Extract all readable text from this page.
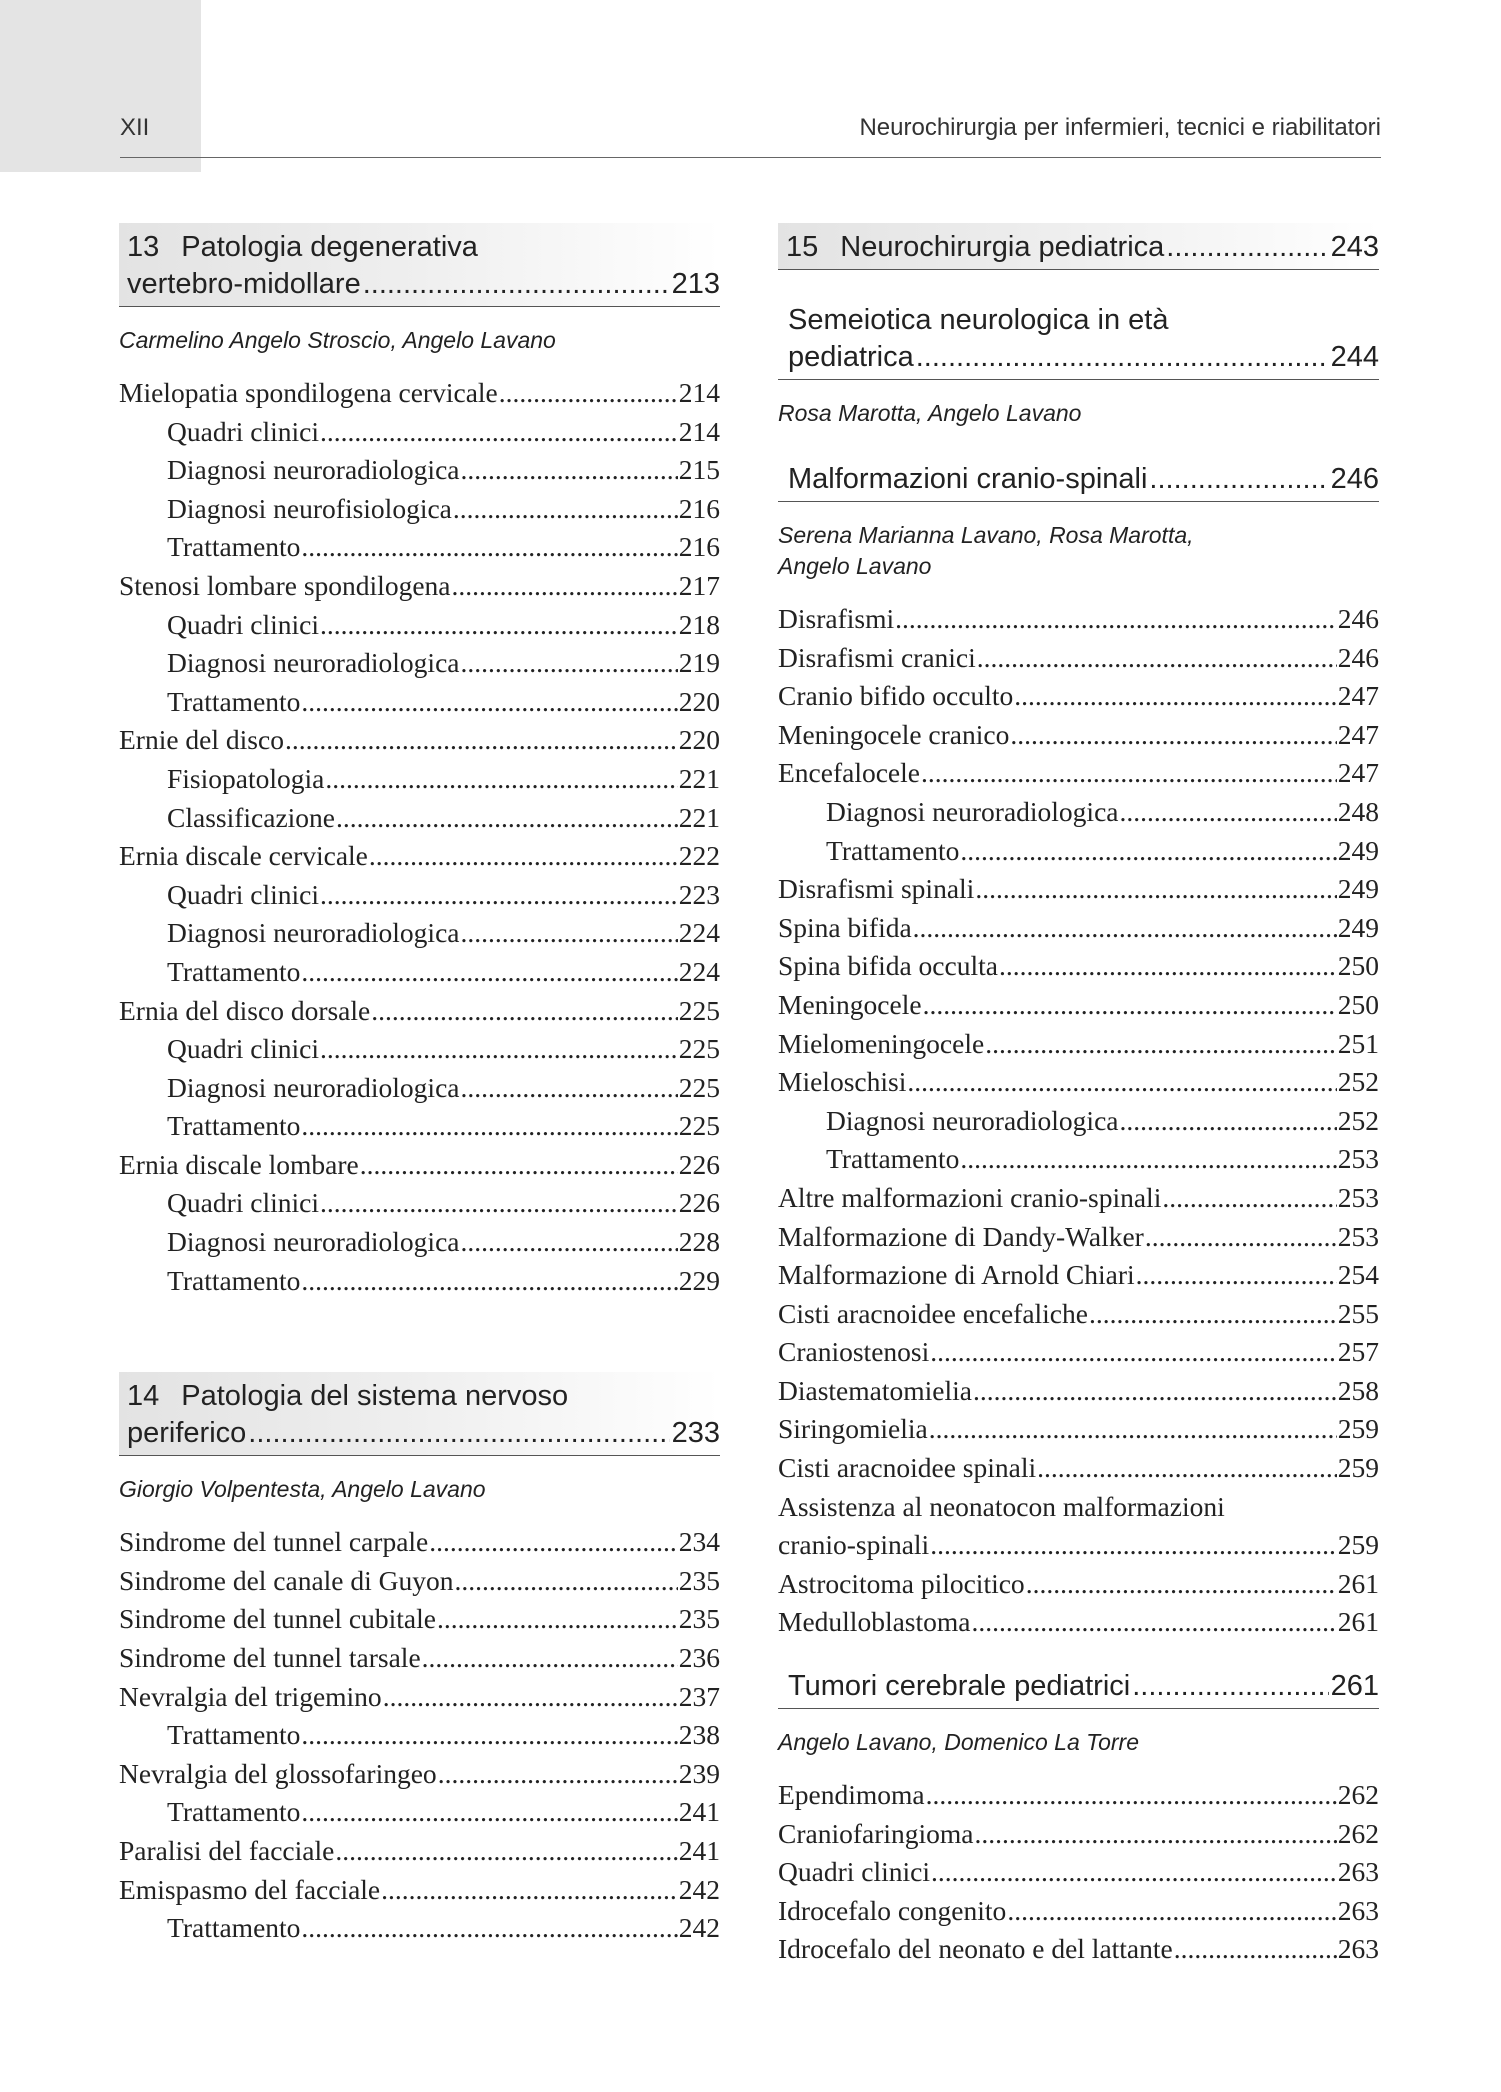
XII	Neurochirurgia per infermieri, tecnici e riabilitatori
13 Patologia degenerativa
vertebro-midollare .....	213
Carmelino Angelo Stroscio, Angelo Lavano
Mielopatia spondilogena cervicale .....	214
Quadri clinici .....	214
Diagnosi neuroradiologica .....	215
Diagnosi neurofisiologica .....	216
Trattamento .....	216
Stenosi lombare spondilogena .....	217
Quadri clinici .....	218
Diagnosi neuroradiologica .....	219
Trattamento .....	220
Ernie del disco .....	220
Fisiopatologia .....	221
Classificazione .....	221
Ernia discale cervicale .....	222
Quadri clinici .....	223
Diagnosi neuroradiologica .....	224
Trattamento .....	224
Ernia del disco dorsale .....	225
Quadri clinici .....	225
Diagnosi neuroradiologica .....	225
Trattamento .....	225
Ernia discale lombare .....	226
Quadri clinici .....	226
Diagnosi neuroradiologica .....	228
Trattamento .....	229
14 Patologia del sistema nervoso
periferico .....	233
Giorgio Volpentesta, Angelo Lavano
Sindrome del tunnel carpale .....	234
Sindrome del canale di Guyon .....	235
Sindrome del tunnel cubitale .....	235
Sindrome del tunnel tarsale .....	236
Nevralgia del trigemino .....	237
Trattamento .....	238
Nevralgia del glossofaringeo .....	239
Trattamento .....	241
Paralisi del facciale .....	241
Emispasmo del facciale .....	242
Trattamento .....	242
15 Neurochirurgia pediatrica .....	243
Semeiotica neurologica in età
pediatrica .....	244
Rosa Marotta, Angelo Lavano
Malformazioni cranio-spinali .....	246
Serena Marianna Lavano, Rosa Marotta,
Angelo Lavano
Disrafismi .....	246
Disrafismi cranici .....	246
Cranio bifido occulto .....	247
Meningocele cranico .....	247
Encefalocele .....	247
Diagnosi neuroradiologica .....	248
Trattamento .....	249
Disrafismi spinali .....	249
Spina bifida .....	249
Spina bifida occulta .....	250
Meningocele .....	250
Mielomeningocele .....	251
Mieloschisi .....	252
Diagnosi neuroradiologica .....	252
Trattamento .....	253
Altre malformazioni cranio-spinali .....	253
Malformazione di Dandy-Walker .....	253
Malformazione di Arnold Chiari .....	254
Cisti aracnoidee encefaliche .....	255
Craniostenosi .....	257
Diastematomielia .....	258
Siringomielia .....	259
Cisti aracnoidee spinali .....	259
Assistenza al neonatocon malformazioni
cranio-spinali .....	259
Astrocitoma pilocitico .....	261
Medulloblastoma .....	261
Tumori cerebrale pediatrici .....	261
Angelo Lavano, Domenico La Torre
Ependimoma .....	262
Craniofaringioma .....	262
Quadri clinici .....	263
Idrocefalo congenito .....	263
Idrocefalo del neonato e del lattante .....	263
